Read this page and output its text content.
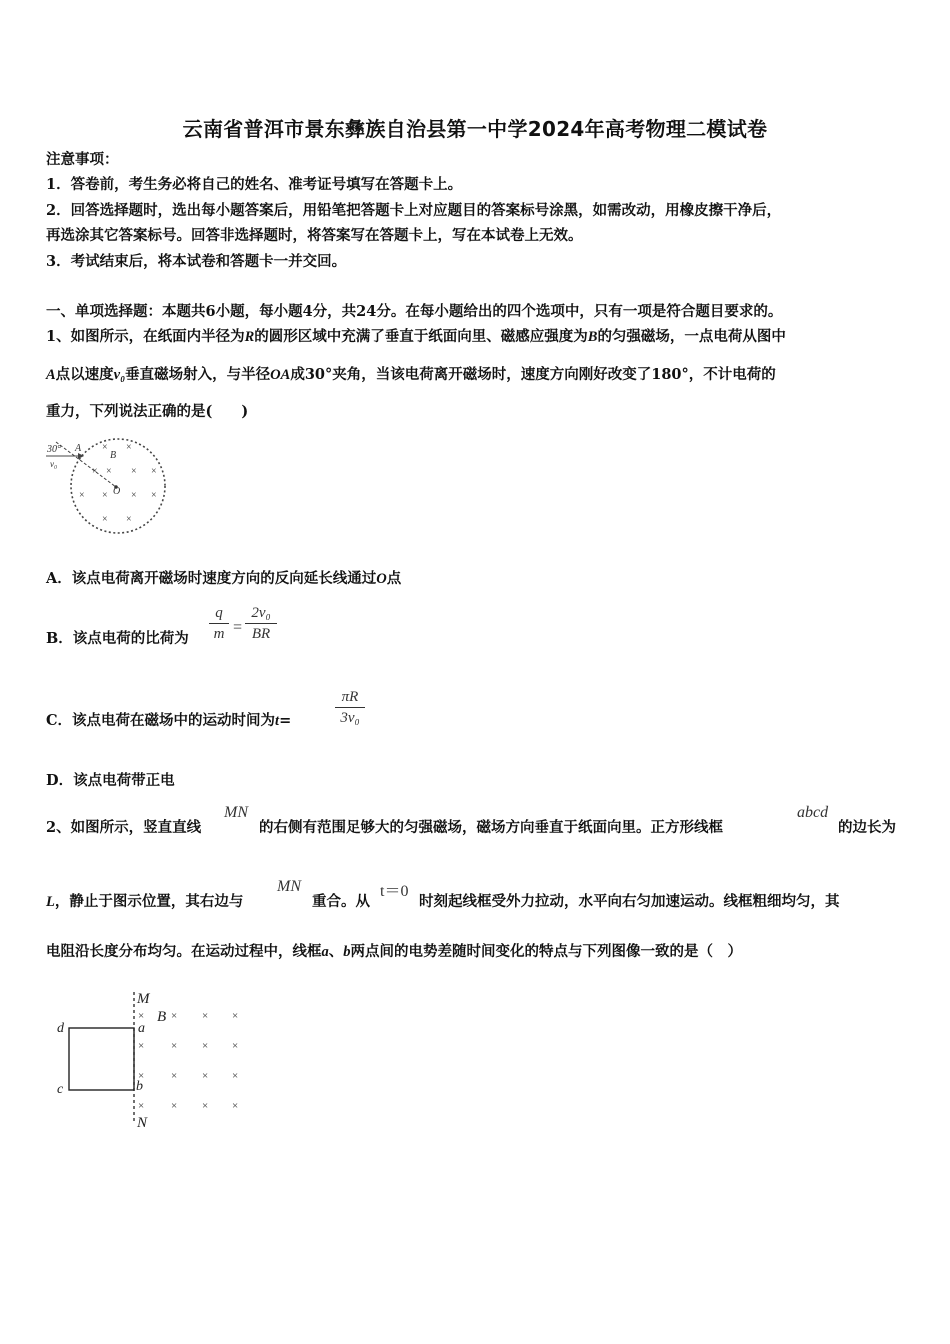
云南省普洱市景东彝族自治县第一中学2024年高考物理二模试卷
注意事项：
1．答卷前，考生务必将自己的姓名、准考证号填写在答题卡上。
2．回答选择题时，选出每小题答案后，用铅笔把答题卡上对应题目的答案标号涂黑，如需改动，用橡皮擦干净后，
再选涂其它答案标号。回答非选择题时，将答案写在答题卡上，写在本试卷上无效。
3．考试结束后，将本试卷和答题卡一并交回。
一、单项选择题：本题共6小题，每小题4分，共24分。在每小题给出的四个选项中，只有一项是符合题目要求的。
1、如图所示，在纸面内半径为R的圆形区域中充满了垂直于纸面向里、磁感应强度为B的匀强磁场，一点电荷从图中
A点以速度v₀垂直磁场射入，与半径OA成30°夹角，当该电荷离开磁场时，速度方向刚好改变了180°，不计电荷的
重力，下列说法正确的是(　　)
30°
v₀
A
B
O
× ×
× × × ×
× × × ×
× ×
A．该点电荷离开磁场时速度方向的反向延长线通过O点
B．该点电荷的比荷为
q
m =
2v₀
BR
C．该点电荷在磁场中的运动时间为t=
πR
3v₀
D．该点电荷带正电
2、如图所示，竖直直线
MN
的右侧有范围足够大的匀强磁场，磁场方向垂直于纸面向里。正方形线框
abcd
的边长为
L，静止于图示位置，其右边与
MN
重合。从
t＝0
时刻起线框受外力拉动，水平向右匀加速运动。线框粗细均匀，其
电阻沿长度分布均匀。在运动过程中，线框a、b两点间的电势差随时间变化的特点与下列图像一致的是（　）
M
N
B
a
b
c
d
× × × ×
× × × ×
× × × ×
× × × ×
